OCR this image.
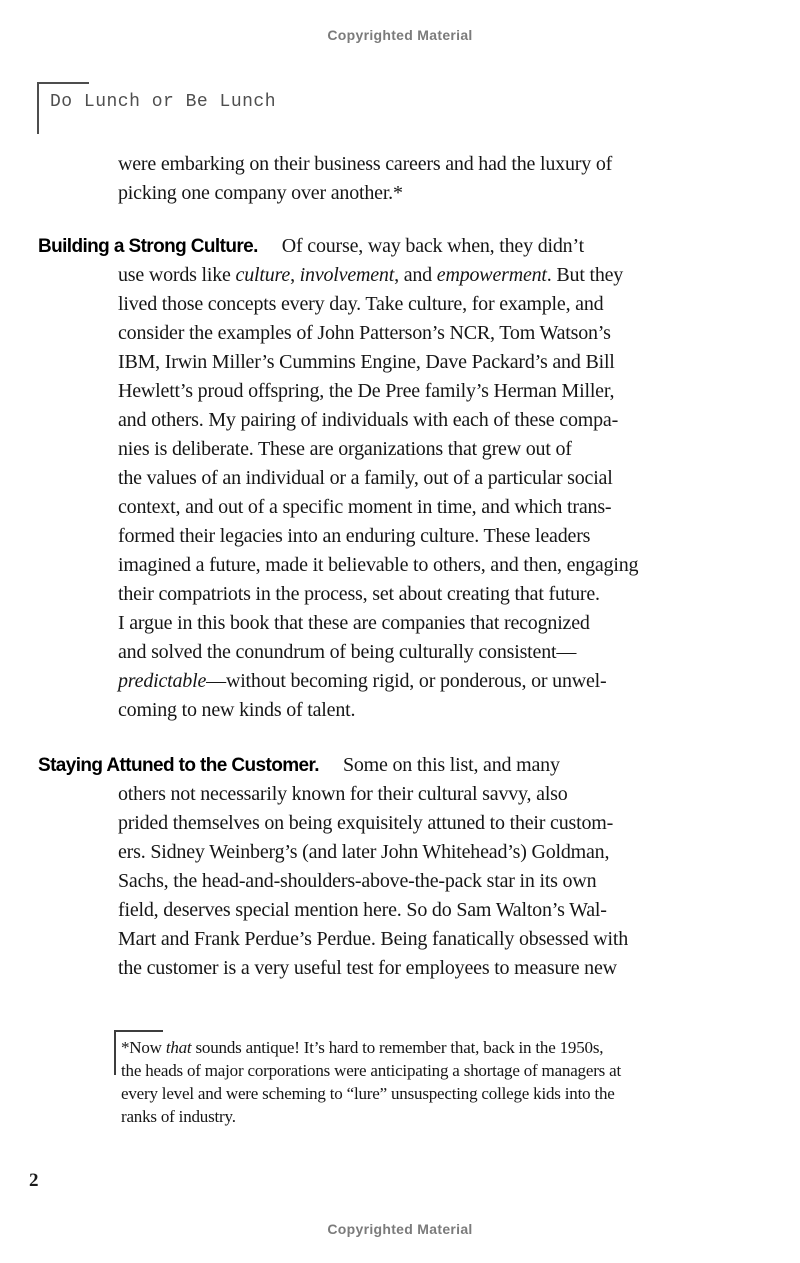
Copyrighted Material
Do Lunch or Be Lunch
were embarking on their business careers and had the luxury of
picking one company over another.*
Building a Strong Culture. Of course, way back when, they didn’t
use words like culture, involvement, and empowerment. But they
lived those concepts every day. Take culture, for example, and
consider the examples of John Patterson’s NCR, Tom Watson’s
IBM, Irwin Miller’s Cummins Engine, Dave Packard’s and Bill
Hewlett’s proud offspring, the De Pree family’s Herman Miller,
and others. My pairing of individuals with each of these compa-
nies is deliberate. These are organizations that grew out of
the values of an individual or a family, out of a particular social
context, and out of a specific moment in time, and which trans-
formed their legacies into an enduring culture. These leaders
imagined a future, made it believable to others, and then, engaging
their compatriots in the process, set about creating that future.
I argue in this book that these are companies that recognized
and solved the conundrum of being culturally consistent—
predictable—without becoming rigid, or ponderous, or unwel-
coming to new kinds of talent.
Staying Attuned to the Customer. Some on this list, and many
others not necessarily known for their cultural savvy, also
prided themselves on being exquisitely attuned to their custom-
ers. Sidney Weinberg’s (and later John Whitehead’s) Goldman,
Sachs, the head-and-shoulders-above-the-pack star in its own
field, deserves special mention here. So do Sam Walton’s Wal-
Mart and Frank Perdue’s Perdue. Being fanatically obsessed with
the customer is a very useful test for employees to measure new
*Now that sounds antique! It’s hard to remember that, back in the 1950s,
the heads of major corporations were anticipating a shortage of managers at
every level and were scheming to “lure” unsuspecting college kids into the
ranks of industry.
2
Copyrighted Material
